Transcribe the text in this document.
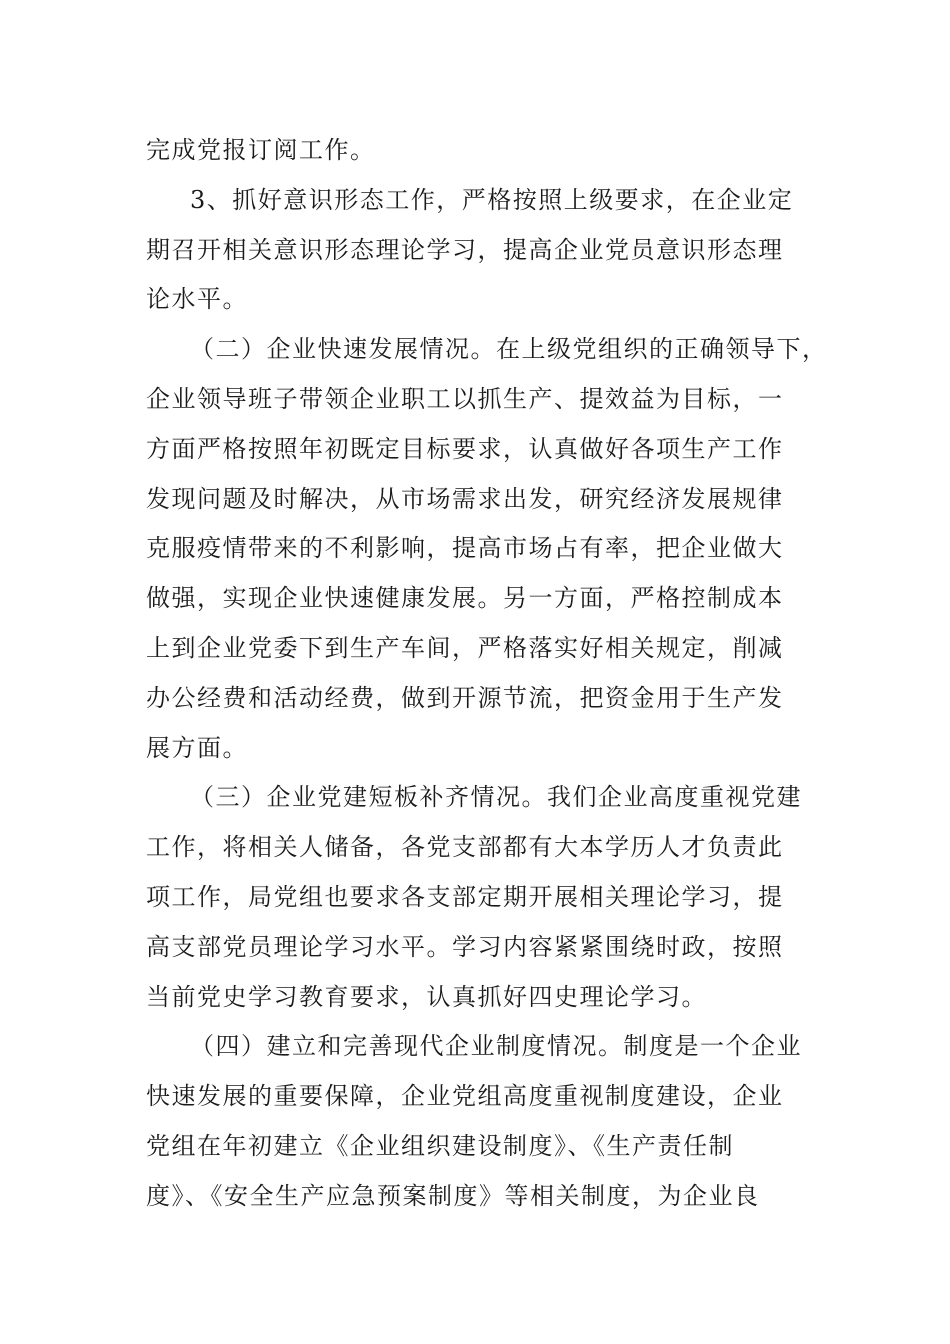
完成党报订阅工作。
3、抓好意识形态工作，严格按照上级要求，在企业定
期召开相关意识形态理论学习，提高企业党员意识形态理
论水平。
（二）企业快速发展情况。在上级党组织的正确领导下，
企业领导班子带领企业职工以抓生产、提效益为目标，一
方面严格按照年初既定目标要求，认真做好各项生产工作
发现问题及时解决，从市场需求出发，研究经济发展规律
克服疫情带来的不利影响，提高市场占有率，把企业做大
做强，实现企业快速健康发展。另一方面，严格控制成本
上到企业党委下到生产车间，严格落实好相关规定，削减
办公经费和活动经费，做到开源节流，把资金用于生产发
展方面。
（三）企业党建短板补齐情况。我们企业高度重视党建
工作，将相关人储备，各党支部都有大本学历人才负责此
项工作，局党组也要求各支部定期开展相关理论学习，提
高支部党员理论学习水平。学习内容紧紧围绕时政，按照
当前党史学习教育要求，认真抓好四史理论学习。
（四）建立和完善现代企业制度情况。制度是一个企业
快速发展的重要保障，企业党组高度重视制度建设，企业
党组在年初建立《企业组织建设制度》、《生产责任制
度》、《安全生产应急预案制度》等相关制度，为企业良
